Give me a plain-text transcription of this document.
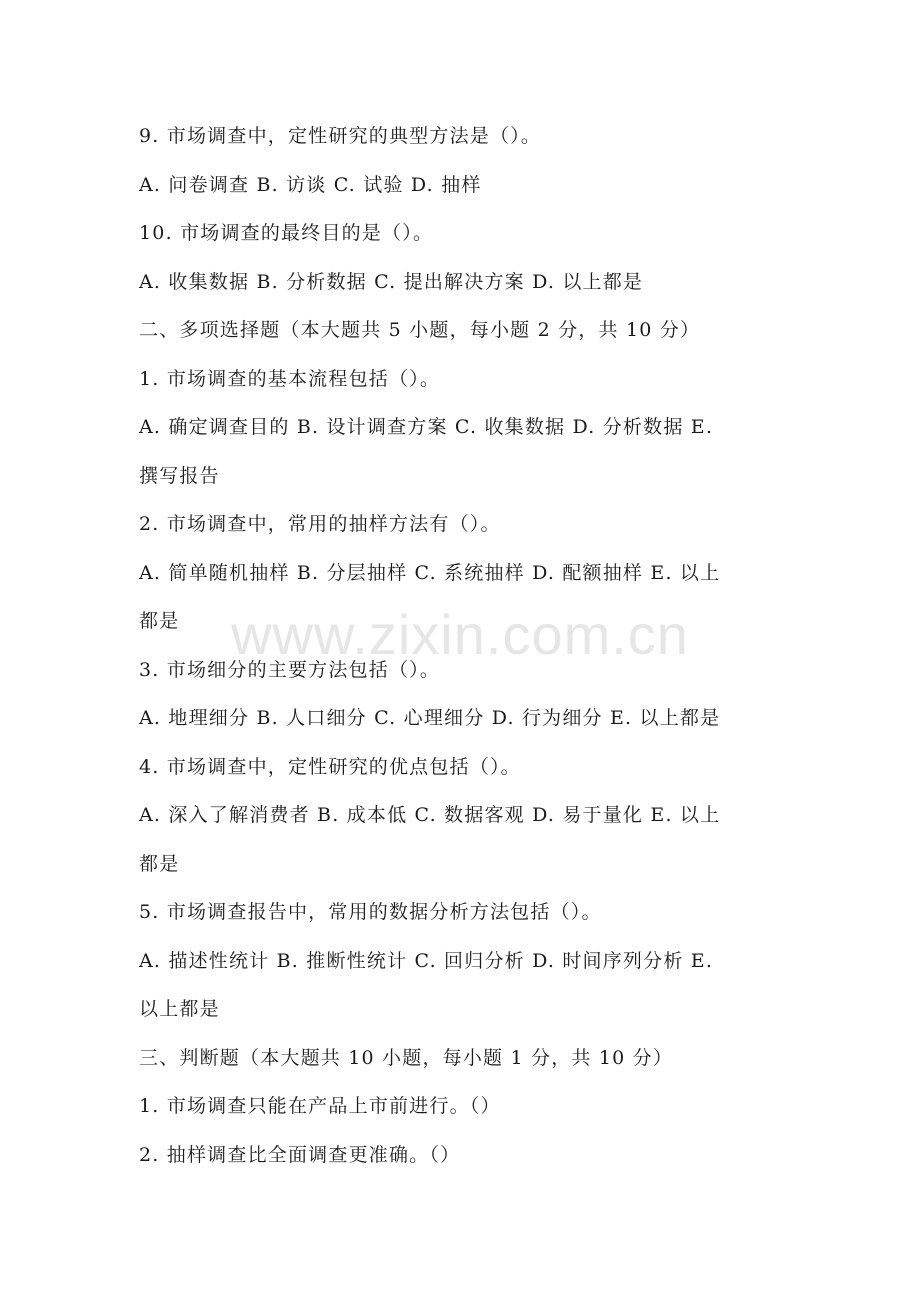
9. 市场调查中，定性研究的典型方法是（）。
A. 问卷调查 B. 访谈 C. 试验 D. 抽样
10. 市场调查的最终目的是（）。
A. 收集数据 B. 分析数据 C. 提出解决方案 D. 以上都是
二、多项选择题（本大题共 5 小题，每小题 2 分，共 10 分）
1. 市场调查的基本流程包括（）。
A. 确定调查目的 B. 设计调查方案 C. 收集数据 D. 分析数据 E.
撰写报告
2. 市场调查中，常用的抽样方法有（）。
A. 简单随机抽样 B. 分层抽样 C. 系统抽样 D. 配额抽样 E. 以上
都是
3. 市场细分的主要方法包括（）。
A. 地理细分 B. 人口细分 C. 心理细分 D. 行为细分 E. 以上都是
4. 市场调查中，定性研究的优点包括（）。
A. 深入了解消费者 B. 成本低 C. 数据客观 D. 易于量化 E. 以上
都是
5. 市场调查报告中，常用的数据分析方法包括（）。
A. 描述性统计 B. 推断性统计 C. 回归分析 D. 时间序列分析 E.
以上都是
三、判断题（本大题共 10 小题，每小题 1 分，共 10 分）
1. 市场调查只能在产品上市前进行。（）
2. 抽样调查比全面调查更准确。（）
www.zixin.com.cn
